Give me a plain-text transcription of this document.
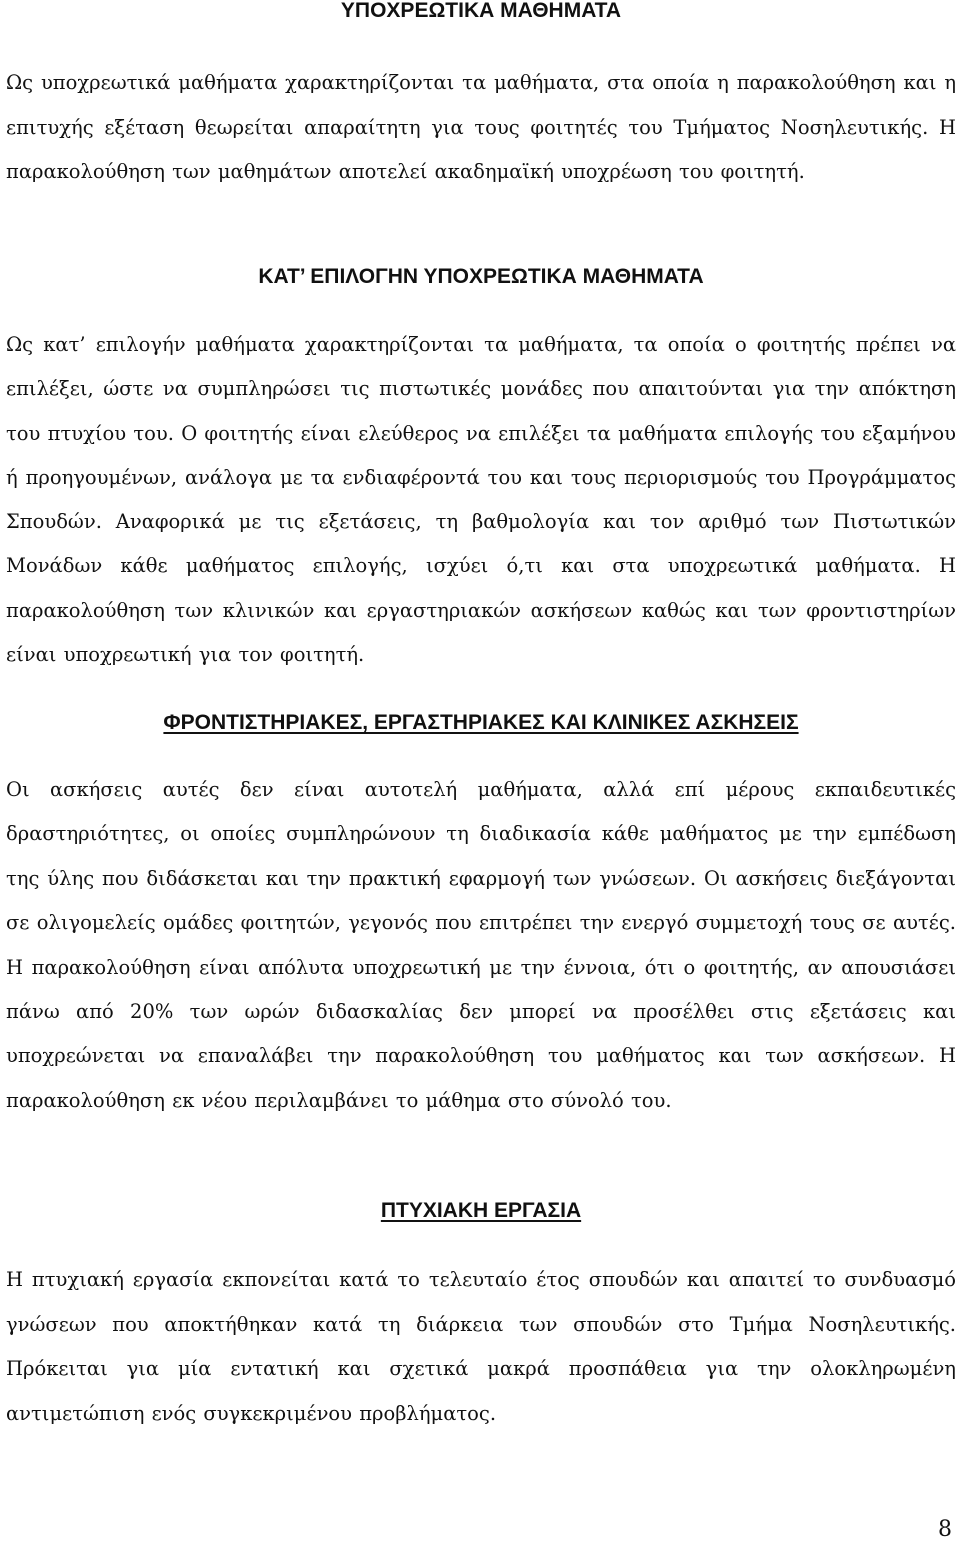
ΥΠΟΧΡΕΩΤΙΚΑ ΜΑΘΗΜΑΤΑ

Ως υποχρεωτικά μαθήματα χαρακτηρίζονται τα μαθήματα, στα οποία η παρακολούθηση και η επιτυχής εξέταση θεωρείται απαραίτητη για τους φοιτητές του Τμήματος Νοσηλευτικής. Η παρακολούθηση των μαθημάτων αποτελεί ακαδημαϊκή υποχρέωση του φοιτητή.

ΚΑΤ’ ΕΠΙΛΟΓΗΝ ΥΠΟΧΡΕΩΤΙΚΑ ΜΑΘΗΜΑΤΑ

Ως κατ’ επιλογήν μαθήματα χαρακτηρίζονται τα μαθήματα, τα οποία ο φοιτητής πρέπει να επιλέξει, ώστε να συμπληρώσει τις πιστωτικές μονάδες που απαιτούνται για την απόκτηση του πτυχίου του. Ο φοιτητής είναι ελεύθερος να επιλέξει τα μαθήματα επιλογής του εξαμήνου ή προηγουμένων, ανάλογα με τα ενδιαφέροντά του και τους περιορισμούς του Προγράμματος Σπουδών. Αναφορικά με τις εξετάσεις, τη βαθμολογία και τον αριθμό των Πιστωτικών Μονάδων κάθε μαθήματος επιλογής, ισχύει ό,τι και στα υποχρεωτικά μαθήματα. Η παρακολούθηση των κλινικών και εργαστηριακών ασκήσεων καθώς και των φροντιστηρίων είναι υποχρεωτική για τον φοιτητή.

ΦΡΟΝΤΙΣΤΗΡΙΑΚΕΣ, ΕΡΓΑΣΤΗΡΙΑΚΕΣ ΚΑΙ ΚΛΙΝΙΚΕΣ ΑΣΚΗΣΕΙΣ

Οι ασκήσεις αυτές δεν είναι αυτοτελή μαθήματα, αλλά επί μέρους εκπαιδευτικές δραστηριότητες, οι οποίες συμπληρώνουν τη διαδικασία κάθε μαθήματος με την εμπέδωση της ύλης που διδάσκεται και την πρακτική εφαρμογή των γνώσεων. Οι ασκήσεις διεξάγονται σε ολιγομελείς ομάδες φοιτητών, γεγονός που επιτρέπει την ενεργό συμμετοχή τους σε αυτές. Η παρακολούθηση είναι απόλυτα υποχρεωτική με την έννοια, ότι ο φοιτητής, αν απουσιάσει πάνω από 20% των ωρών διδασκαλίας δεν μπορεί να προσέλθει στις εξετάσεις και υποχρεώνεται να επαναλάβει την παρακολούθηση του μαθήματος και των ασκήσεων. Η παρακολούθηση εκ νέου περιλαμβάνει το μάθημα στο σύνολό του.

ΠΤΥΧΙΑΚΗ ΕΡΓΑΣΙΑ

Η πτυχιακή εργασία εκπονείται κατά το τελευταίο έτος σπουδών και απαιτεί το συνδυασμό γνώσεων που αποκτήθηκαν κατά τη διάρκεια των σπουδών στο Τμήμα Νοσηλευτικής. Πρόκειται για μία εντατική και σχετικά μακρά προσπάθεια για την ολοκληρωμένη αντιμετώπιση ενός συγκεκριμένου προβλήματος.

8
